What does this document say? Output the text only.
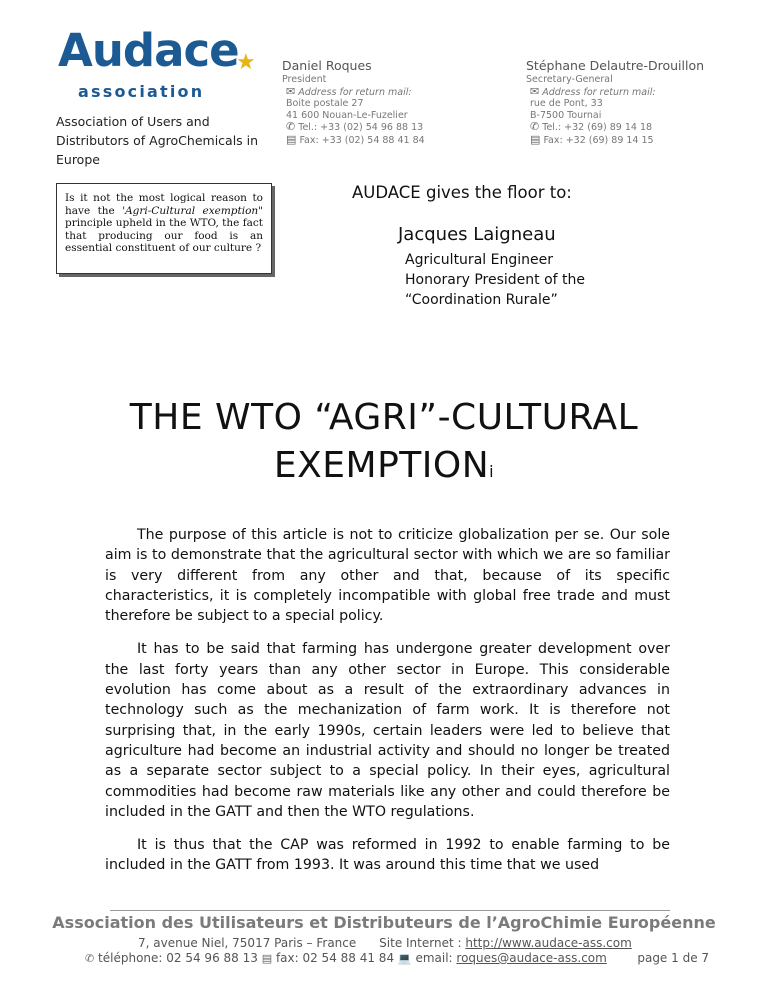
Audace
★
association
Association of Users and Distributors of AgroChemicals in Europe
Daniel Roques
President
✉ Address for return mail:
Boite postale 27
41 600 Nouan-Le-Fuzelier
✆ Tel.: +33 (02) 54 96 88 13
▤ Fax: +33 (02) 54 88 41 84
Stéphane Delautre-Drouillon
Secretary-General
✉ Address for return mail:
rue de Pont, 33
B-7500 Tournai
✆ Tel.: +32 (69) 89 14 18
▤ Fax: +32 (69) 89 14 15
Is it not the most logical reason to have the 'Agri-Cultural exemption" principle upheld in the WTO, the fact that producing our food is an essential constituent of our culture ?
AUDACE gives the floor to:
Jacques Laigneau
Agricultural Engineer
Honorary President of the
“Coordination Rurale”
THE WTO “AGRI”-CULTURAL
EXEMPTION$^i$

The purpose of this article is not to criticize globalization per se. Our sole aim is to demonstrate that the agricultural sector with which we are so familiar is very different from any other and that, because of its specific characteristics, it is completely incompatible with global free trade and must therefore be subject to a special policy.

It has to be said that farming has undergone greater development over the last forty years than any other sector in Europe. This considerable evolution has come about as a result of the extraordinary advances in technology such as the mechanization of farm work. It is therefore not surprising that, in the early 1990s, certain leaders were led to believe that agriculture had become an industrial activity and should no longer be treated as a separate sector subject to a special policy. In their eyes, agricultural commodities had become raw materials like any other and could therefore be included in the GATT and then the WTO regulations.

It is thus that the CAP was reformed in 1992 to enable farming to be included in the GATT from 1993. It was around this time that we used

Association des Utilisateurs et Distributeurs de l’AgroChimie Européenne
7, avenue Niel, 75017 Paris – France Site Internet : http://www.audace-ass.com
✆ téléphone: 02 54 96 88 13 ▤ fax: 02 54 88 41 84 💻 email: roques@audace-ass.com	page 1 de 7
